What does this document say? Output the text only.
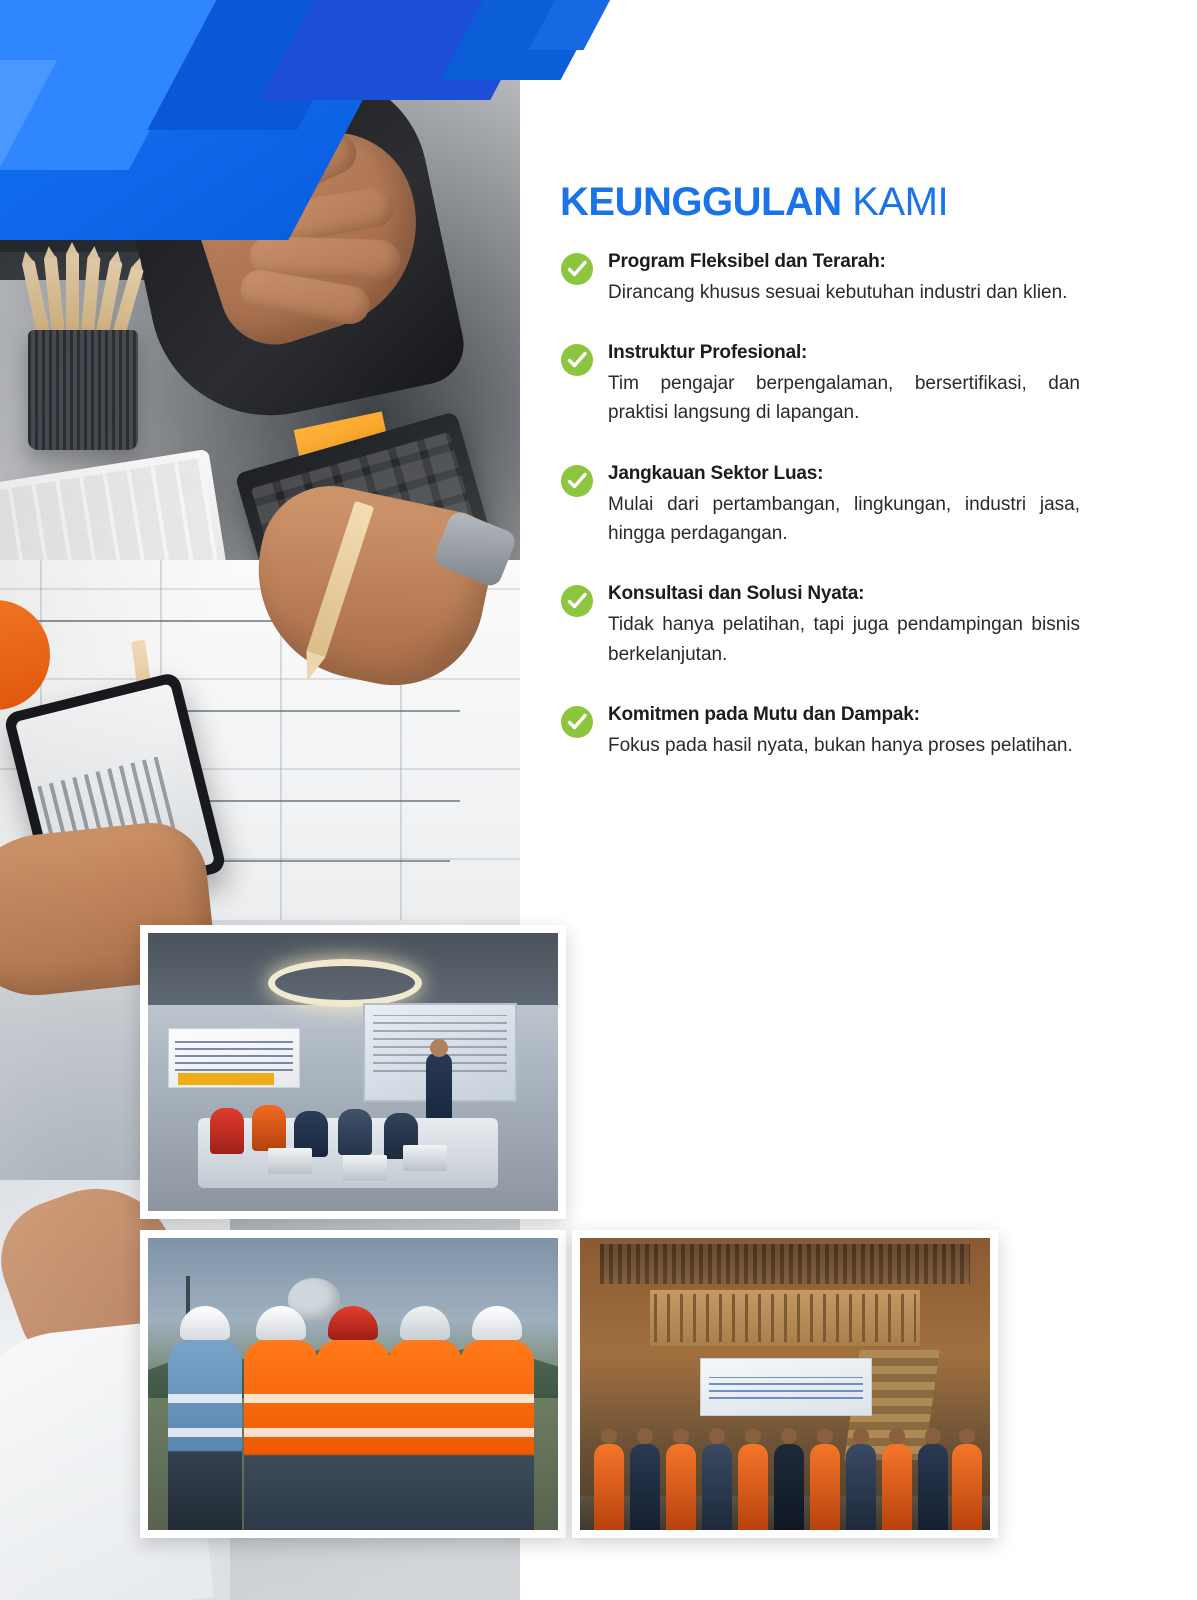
KEUNGGULAN KAMI
Program Fleksibel dan Terarah:
Dirancang khusus sesuai kebutuhan industri dan klien.
Instruktur Profesional:
Tim pengajar berpengalaman, bersertifikasi, dan praktisi langsung di lapangan.
Jangkauan Sektor Luas:
Mulai dari pertambangan, lingkungan, industri jasa, hingga perdagangan.
Konsultasi dan Solusi Nyata:
Tidak hanya pelatihan, tapi juga pendampingan bisnis berkelanjutan.
Komitmen pada Mutu dan Dampak:
Fokus pada hasil nyata, bukan hanya proses pelatihan.
